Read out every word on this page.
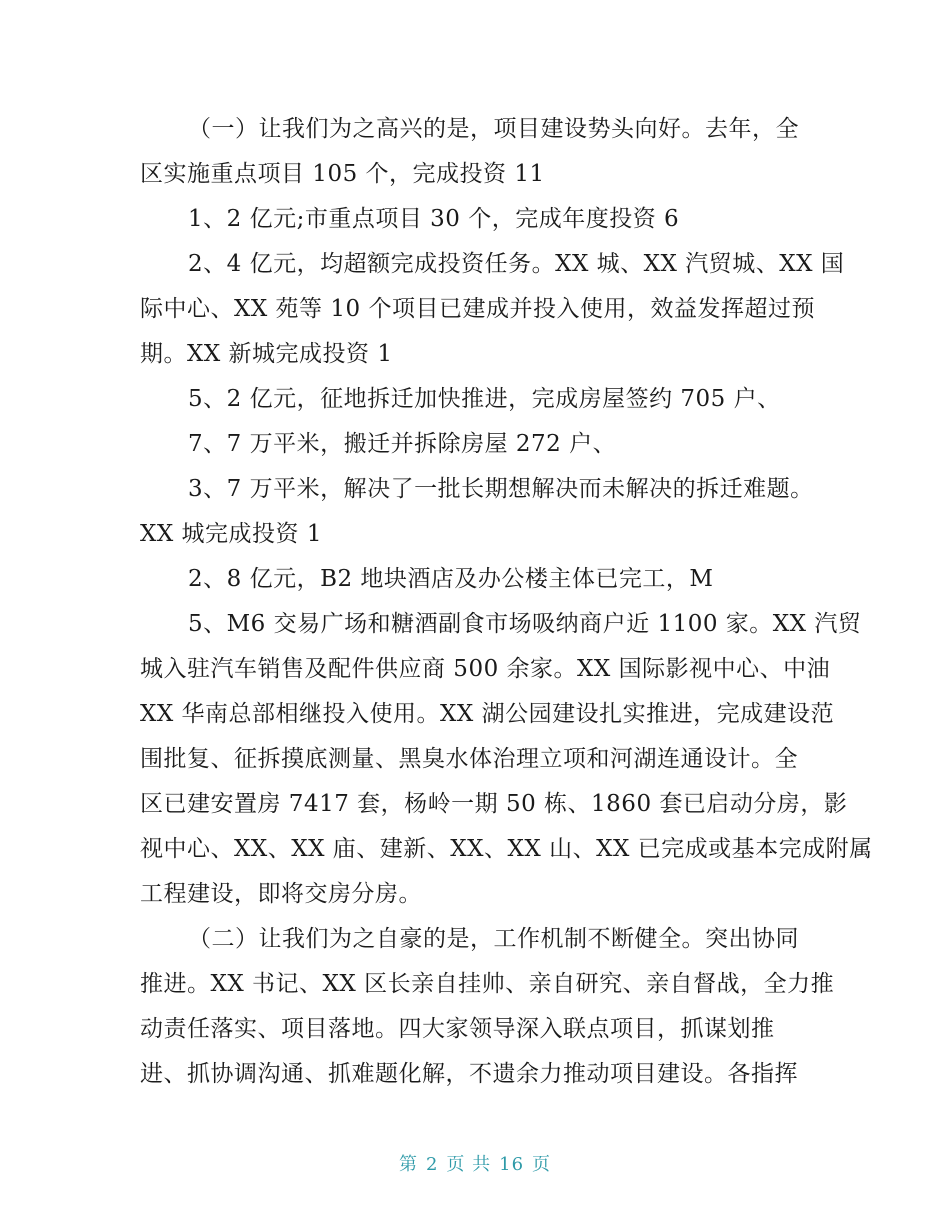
（一）让我们为之高兴的是，项目建设势头向好。去年，全
区实施重点项目 105 个，完成投资 11
1、2 亿元;市重点项目 30 个，完成年度投资 6
2、4 亿元，均超额完成投资任务。XX 城、XX 汽贸城、XX 国
际中心、XX 苑等 10 个项目已建成并投入使用，效益发挥超过预
期。XX 新城完成投资 1
5、2 亿元，征地拆迁加快推进，完成房屋签约 705 户、
7、7 万平米，搬迁并拆除房屋 272 户、
3、7 万平米，解决了一批长期想解决而未解决的拆迁难题。
XX 城完成投资 1
2、8 亿元，B2 地块酒店及办公楼主体已完工，M
5、M6 交易广场和糖酒副食市场吸纳商户近 1100 家。XX 汽贸
城入驻汽车销售及配件供应商 500 余家。XX 国际影视中心、中油
XX 华南总部相继投入使用。XX 湖公园建设扎实推进，完成建设范
围批复、征拆摸底测量、黑臭水体治理立项和河湖连通设计。全
区已建安置房 7417 套，杨岭一期 50 栋、1860 套已启动分房，影
视中心、XX、XX 庙、建新、XX、XX 山、XX 已完成或基本完成附属
工程建设，即将交房分房。
（二）让我们为之自豪的是，工作机制不断健全。突出协同
推进。XX 书记、XX 区长亲自挂帅、亲自研究、亲自督战，全力推
动责任落实、项目落地。四大家领导深入联点项目，抓谋划推
进、抓协调沟通、抓难题化解，不遗余力推动项目建设。各指挥
第 2 页 共 16 页
